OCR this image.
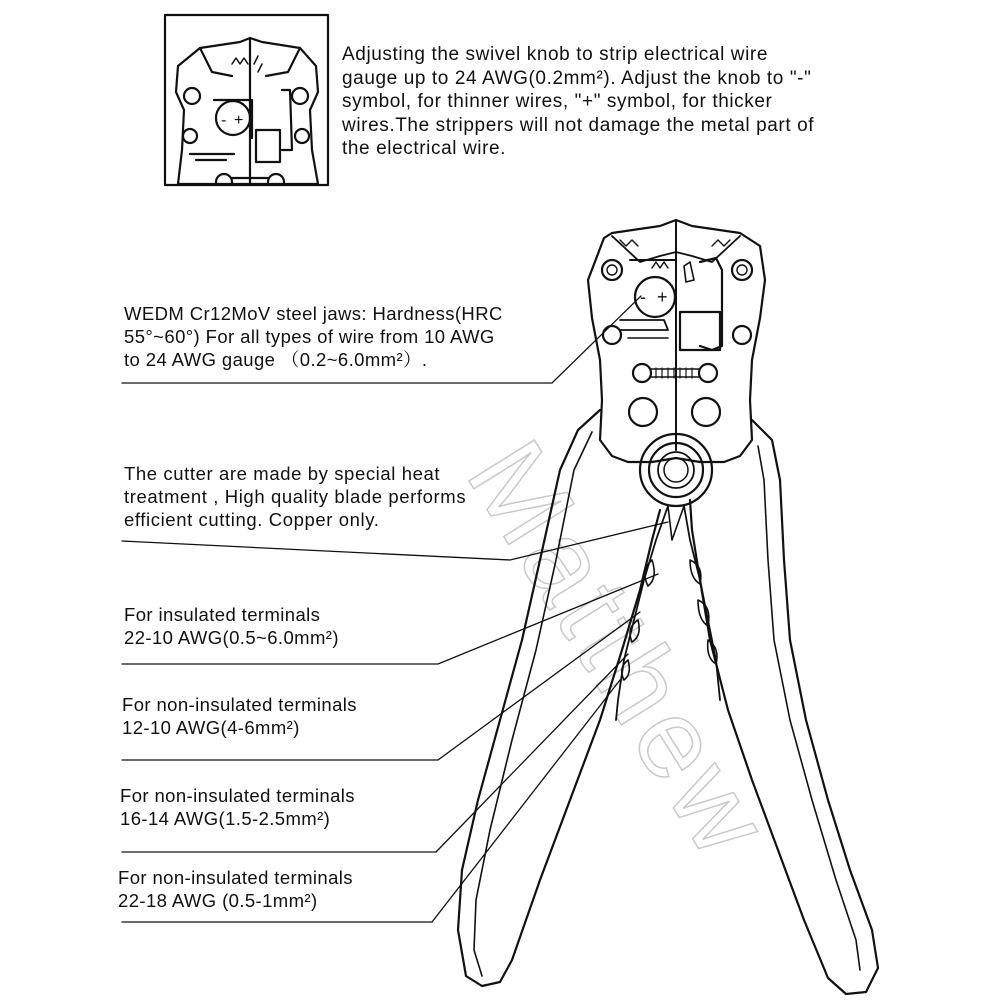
Matthew
- +
- +
Adjusting the swivel knob to strip electrical wire
gauge up to 24 AWG(0.2mm²). Adjust the knob to "-"
symbol, for thinner wires, "+" symbol, for thicker
wires.The strippers will not damage the metal part of
the electrical wire.
WEDM Cr12MoV steel jaws: Hardness(HRC
55°~60°) For all types of wire from 10 AWG
to 24 AWG gauge （0.2~6.0mm²）.
The cutter are made by special heat
treatment , High quality blade performs
efficient cutting. Copper only.
For insulated terminals
22-10 AWG(0.5~6.0mm²)
For non-insulated terminals
12-10 AWG(4-6mm²)
For non-insulated terminals
16-14 AWG(1.5-2.5mm²)
For non-insulated terminals
22-18 AWG (0.5-1mm²)
